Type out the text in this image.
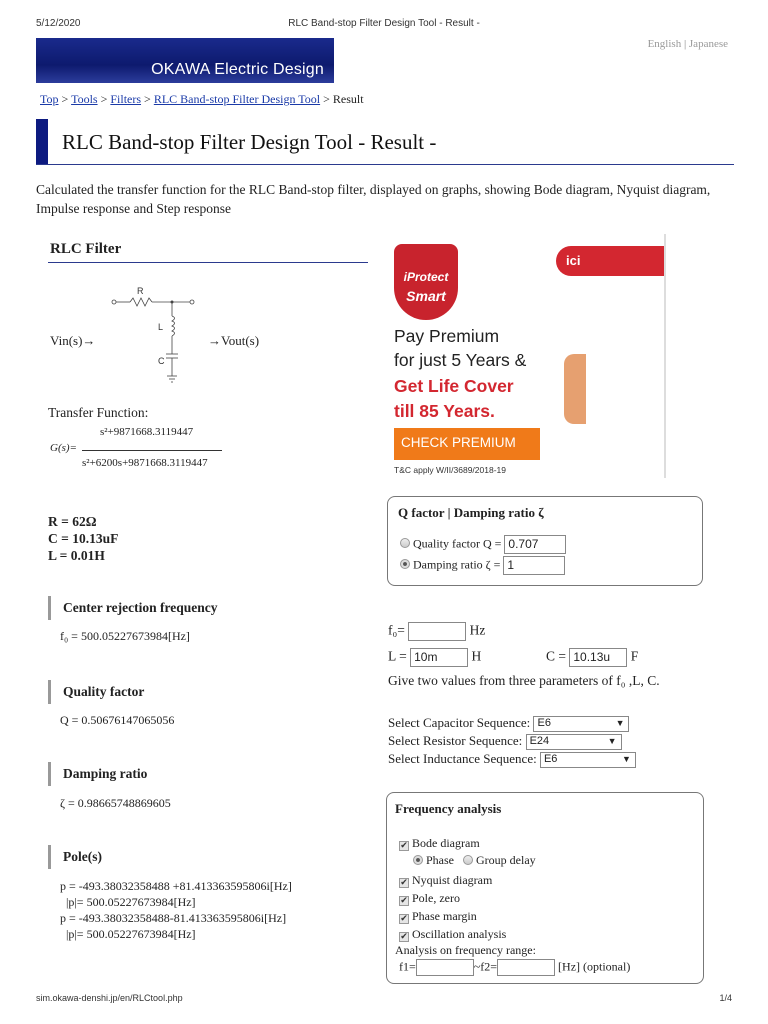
5/12/2020	RLC Band-stop Filter Design Tool - Result -
OKAWA Electric Design
English | Japanese
Top > Tools > Filters > RLC Band-stop Filter Design Tool > Result
RLC Band-stop Filter Design Tool - Result -

Calculated the transfer function for the RLC Band-stop filter, displayed on graphs, showing Bode diagram, Nyquist diagram, Impulse response and Step response

RLC Filter
R
L
C
Vin(s)→	→Vout(s)
Transfer Function:
G(s)=
s²+9871668.3119447
s²+6200s+9871668.3119447
R = 62Ω
C = 10.13uF
L = 0.01H
Center rejection frequency
f₀ = 500.05227673984[Hz]
Quality factor
Q = 0.50676147065056
Damping ratio
ζ = 0.98665748869605
Pole(s)
p = -493.38032358488 +81.413363595806i[Hz]
|p|= 500.05227673984[Hz]
p = -493.38032358488-81.413363595806i[Hz]
|p|= 500.05227673984[Hz]
iProtect
Smart
ici
Pay Premium
for just 5 Years &
Get Life Cover
till 85 Years.
CHECK PREMIUM
T&C apply W/II/3689/2018-19
Q factor | Damping ratio ζ
Quality factor Q = 0.707
Damping ratio ζ = 1
f₀=	Hz
L = 10m	H	C = 10.13u F
Give two values from three parameters of f₀ ,L, C.
Select Capacitor Sequence: E6	▼
Select Resistor Sequence: E24	▼
Select Inductance Sequence: E6	▼
Frequency analysis
✔ Bode diagram
Phase Group delay
✔ Nyquist diagram
✔ Pole, zero
✔ Phase margin
✔ Oscillation analysis
Analysis on frequency range:
f1=	~f2=	[Hz] (optional)
sim.okawa-denshi.jp/en/RLCtool.php	1/4
